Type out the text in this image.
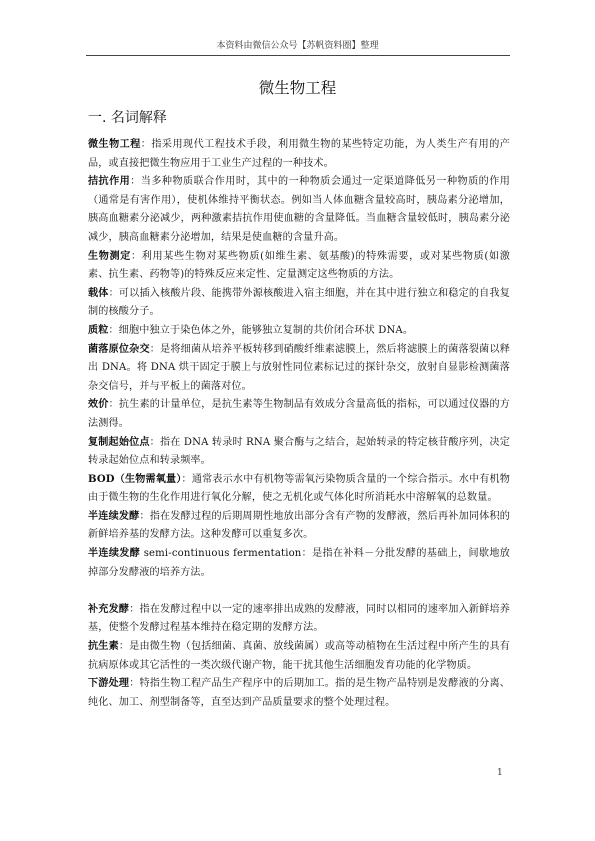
本资料由微信公众号【苏帆资料圈】整理
微生物工程
一. 名词解释

微生物工程：指采用现代工程技术手段，利用微生物的某些特定功能，为人类生产有用的产品，或直接把微生物应用于工业生产过程的一种技术。

拮抗作用：当多种物质联合作用时，其中的一种物质会通过一定渠道降低另一种物质的作用（通常是有害作用），使机体维持平衡状态。例如当人体血糖含量较高时，胰岛素分泌增加，胰高血糖素分泌减少，两种激素拮抗作用使血糖的含量降低。当血糖含量较低时，胰岛素分泌减少，胰高血糖素分泌增加，结果是使血糖的含量升高。

生物测定：利用某些生物对某些物质(如维生素、氨基酸)的特殊需要，或对某些物质(如激素、抗生素、药物等)的特殊反应来定性、定量测定这些物质的方法。

载体：可以插入核酸片段、能携带外源核酸进入宿主细胞，并在其中进行独立和稳定的自我复制的核酸分子。

质粒：细胞中独立于染色体之外，能够独立复制的共价闭合环状 DNA。

菌落原位杂交：是将细菌从培养平板转移到硝酸纤维素滤膜上，然后将滤膜上的菌落裂菌以释出 DNA。将 DNA 烘干固定于膜上与放射性同位素标记过的探针杂交，放射自显影检测菌落杂交信号，并与平板上的菌落对位。

效价：抗生素的计量单位，是抗生素等生物制品有效成分含量高低的指标，可以通过仪器的方法测得。

复制起始位点：指在 DNA 转录时 RNA 聚合酶与之结合，起始转录的特定核苷酸序列，决定转录起始位点和转录频率。

BOD（生物需氧量）：通常表示水中有机物等需氧污染物质含量的一个综合指示。水中有机物由于微生物的生化作用进行氧化分解，使之无机化或气体化时所消耗水中溶解氧的总数量。

半连续发酵：指在发酵过程的后期周期性地放出部分含有产物的发酵液，然后再补加同体积的新鲜培养基的发酵方法。这种发酵可以重复多次。

半连续发酵 semi-continuous fermentation：是指在补料－分批发酵的基础上，间歇地放掉部分发酵液的培养方法。

补充发酵：指在发酵过程中以一定的速率排出成熟的发酵液，同时以相同的速率加入新鲜培养基，使整个发酵过程基本维持在稳定期的发酵方法。

抗生素：是由微生物（包括细菌、真菌、放线菌属）或高等动植物在生活过程中所产生的具有抗病原体或其它活性的一类次级代谢产物，能干扰其他生活细胞发育功能的化学物质。

下游处理：特指生物工程产品生产程序中的后期加工。指的是生物产品特别是发酵液的分离、纯化、加工、剂型制备等，直至达到产品质量要求的整个处理过程。

1
